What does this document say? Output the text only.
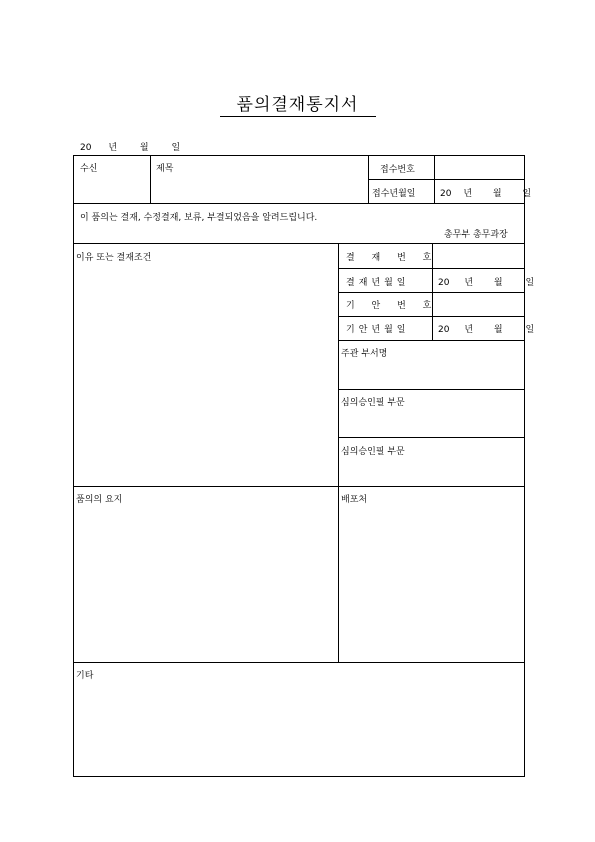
품의결재통지서
20 년	월	일
수신	제목	접수번호
접수년월일	20 년 월 일
이 품의는 결재, 수정결재, 보류, 부결되었음을 알려드립니다.
총무부 총무과장
이유 또는 결재조건	결 재 번 호
결재년월일	20 년 월	일
기 안 번 호
기안년월일	20 년 월	일
주관 부서명
심의승인필 부문
심의승인필 부문
품의의 요지	배포처
기타
